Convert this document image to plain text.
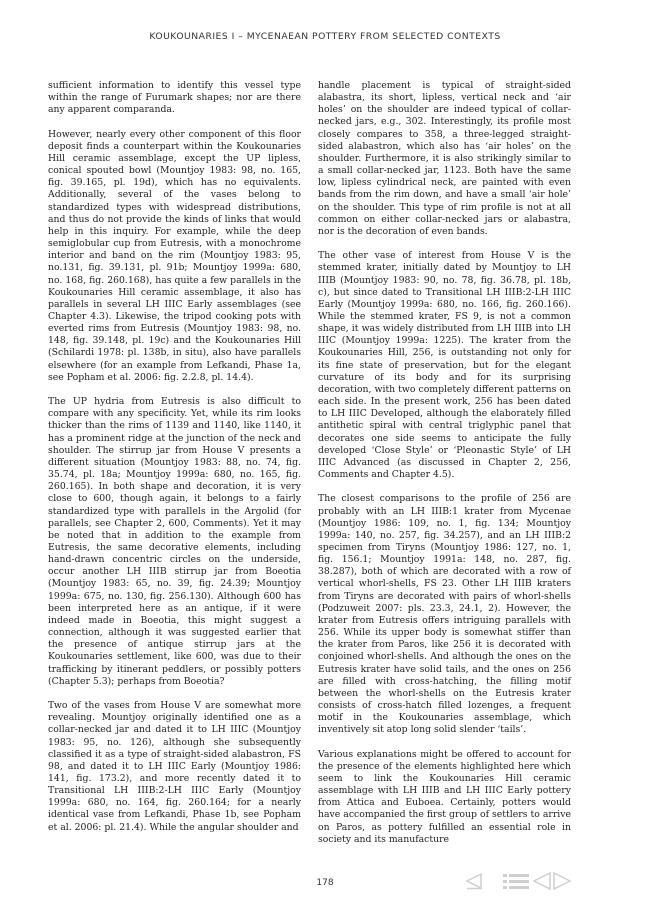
KOUKOUNARIES I – MYCENAEAN POTTERY FROM SELECTED CONTEXTS

sufficient information to identify this vessel type within the range of Furumark shapes; nor are there any apparent comparanda.

However, nearly every other component of this floor deposit finds a counterpart within the Koukounaries Hill ceramic assemblage, except the UP lipless, conical spouted bowl (Mountjoy 1983: 98, no. 165, fig. 39.165, pl. 19d), which has no equivalents. Additionally, several of the vases belong to standardized types with widespread distributions, and thus do not provide the kinds of links that would help in this inquiry. For example, while the deep semiglobular cup from Eutresis, with a monochrome interior and band on the rim (Mountjoy 1983: 95, no.131, fig. 39.131, pl. 91b; Mountjoy 1999a: 680, no. 168, fig. 260.168), has quite a few parallels in the Koukounaries Hill ceramic assemblage, it also has parallels in several LH IIIC Early assemblages (see Chapter 4.3). Likewise, the tripod cooking pots with everted rims from Eutresis (Mountjoy 1983: 98, no. 148, fig. 39.148, pl. 19c) and the Koukounaries Hill (Schilardi 1978: pl. 138b, in situ), also have parallels elsewhere (for an example from Lefkandi, Phase 1a, see Popham et al. 2006: fig. 2.2.8, pl. 14.4).

The UP hydria from Eutresis is also difficult to compare with any specificity. Yet, while its rim looks thicker than the rims of 1139 and 1140, like 1140, it has a prominent ridge at the junction of the neck and shoulder. The stirrup jar from House V presents a different situation (Mountjoy 1983: 88, no. 74, fig. 35.74, pl. 18a; Mountjoy 1999a: 680, no. 165, fig. 260.165). In both shape and decoration, it is very close to 600, though again, it belongs to a fairly standardized type with parallels in the Argolid (for parallels, see Chapter 2, 600, Comments). Yet it may be noted that in addition to the example from Eutresis, the same decorative elements, including hand-drawn concentric circles on the underside, occur another LH IIIB stirrup jar from Boeotia (Mountjoy 1983: 65, no. 39, fig. 24.39; Mountjoy 1999a: 675, no. 130, fig. 256.130). Although 600 has been interpreted here as an antique, if it were indeed made in Boeotia, this might suggest a connection, although it was suggested earlier that the presence of antique stirrup jars at the Koukounaries settlement, like 600, was due to their trafficking by itinerant peddlers, or possibly potters (Chapter 5.3); perhaps from Boeotia?

Two of the vases from House V are somewhat more revealing. Mountjoy originally identified one as a collar-necked jar and dated it to LH IIIC (Mountjoy 1983: 95, no. 126), although she subsequently classified it as a type of straight-sided alabastron, FS 98, and dated it to LH IIIC Early (Mountjoy 1986: 141, fig. 173.2), and more recently dated it to Transitional LH IIIB:2-LH IIIC Early (Mountjoy 1999a: 680, no. 164, fig. 260.164; for a nearly identical vase from Lefkandi, Phase 1b, see Popham et al. 2006: pl. 21.4). While the angular shoulder and

handle placement is typical of straight-sided alabastra, its short, lipless, vertical neck and ‘air holes’ on the shoulder are indeed typical of collar-necked jars, e.g., 302. Interestingly, its profile most closely compares to 358, a three-legged straight-sided alabastron, which also has ‘air holes’ on the shoulder. Furthermore, it is also strikingly similar to a small collar-necked jar, 1123. Both have the same low, lipless cylindrical neck, are painted with even bands from the rim down, and have a small ‘air hole’ on the shoulder. This type of rim profile is not at all common on either collar-necked jars or alabastra, nor is the decoration of even bands.

The other vase of interest from House V is the stemmed krater, initially dated by Mountjoy to LH IIIB (Mountjoy 1983: 90, no. 78, fig. 36.78, pl. 18b, c), but since dated to Transitional LH IIIB:2-LH IIIC Early (Mountjoy 1999a: 680, no. 166, fig. 260.166). While the stemmed krater, FS 9, is not a common shape, it was widely distributed from LH IIIB into LH IIIC (Mountjoy 1999a: 1225). The krater from the Koukounaries Hill, 256, is outstanding not only for its fine state of preservation, but for the elegant curvature of its body and for its surprising decoration, with two completely different patterns on each side. In the present work, 256 has been dated to LH IIIC Developed, although the elaborately filled antithetic spiral with central triglyphic panel that decorates one side seems to anticipate the fully developed ‘Close Style’ or ‘Pleonastic Style’ of LH IIIC Advanced (as discussed in Chapter 2, 256, Comments and Chapter 4.5).

The closest comparisons to the profile of 256 are probably with an LH IIIB:1 krater from Mycenae (Mountjoy 1986: 109, no. 1, fig. 134; Mountjoy 1999a: 140, no. 257, fig. 34.257), and an LH IIIB:2 specimen from Tiryns (Mountjoy 1986: 127, no. 1, fig. 156.1; Mountjoy 1991a: 148, no. 287, fig. 38.287), both of which are decorated with a row of vertical whorl-shells, FS 23. Other LH IIIB kraters from Tiryns are decorated with pairs of whorl-shells (Podzuweit 2007: pls. 23.3, 24.1, 2). However, the krater from Eutresis offers intriguing parallels with 256. While its upper body is somewhat stiffer than the krater from Paros, like 256 it is decorated with conjoined whorl-shells. And although the ones on the Eutresis krater have solid tails, and the ones on 256 are filled with cross-hatching, the filling motif between the whorl-shells on the Eutresis krater consists of cross-hatch filled lozenges, a frequent motif in the Koukounaries assemblage, which inventively sit atop long solid slender ‘tails’.

Various explanations might be offered to account for the presence of the elements highlighted here which seem to link the Koukounaries Hill ceramic assemblage with LH IIIB and LH IIIC Early pottery from Attica and Euboea. Certainly, potters would have accompanied the first group of settlers to arrive on Paros, as pottery fulfilled an essential role in society and its manufacture

178
